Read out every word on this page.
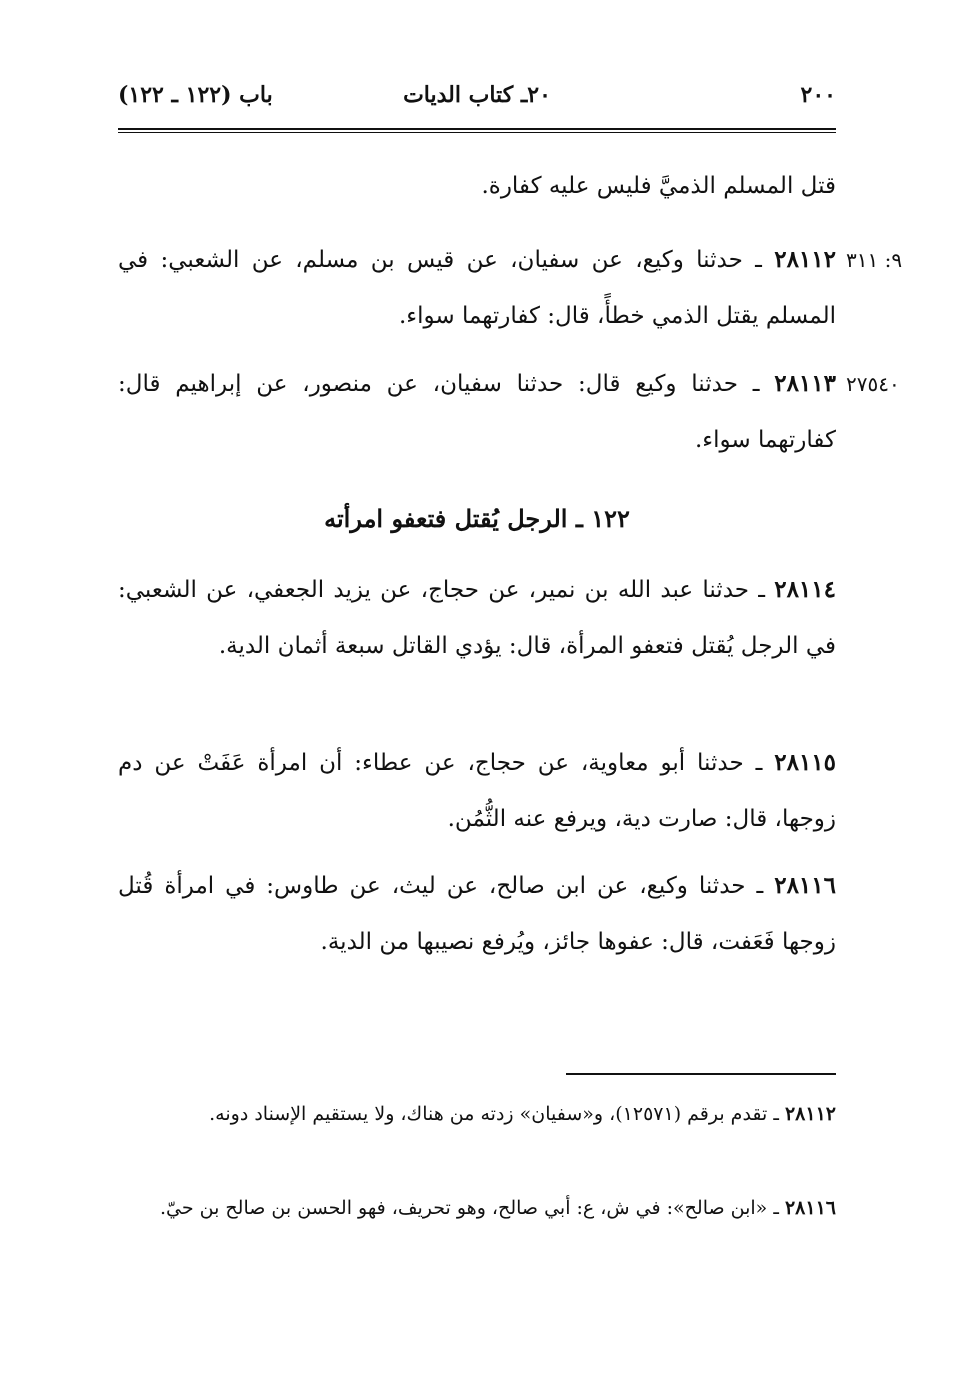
٢٠٠
٢٠ـ كتاب الديات
باب (١٢٢ ـ ١٢٢)
قتل المسلم الذميَّ فليس عليه كفارة.
٩: ٣١١
٢٨١١٢ ـ حدثنا وكيع، عن سفيان، عن قيس بن مسلم، عن الشعبي: في المسلم يقتل الذمي خطأً، قال: كفارتهما سواء.
٢٧٥٤٠
٢٨١١٣ ـ حدثنا وكيع قال: حدثنا سفيان، عن منصور، عن إبراهيم قال: كفارتهما سواء.
١٢٢ ـ الرجل يُقتل فتعفو امرأته
٢٨١١٤ ـ حدثنا عبد الله بن نمير، عن حجاج، عن يزيد الجعفي، عن الشعبي: في الرجل يُقتل فتعفو المرأة، قال: يؤدي القاتل سبعة أثمان الدية.
٢٨١١٥ ـ حدثنا أبو معاوية، عن حجاج، عن عطاء: أن امرأة عَفَتْ عن دم زوجها، قال: صارت دية، ويرفع عنه الثُّمُن.
٢٨١١٦ ـ حدثنا وكيع، عن ابن صالح، عن ليث، عن طاوس: في امرأة قُتل زوجها فَعَفت، قال: عفوها جائز، ويُرفع نصيبها من الدية.
٢٨١١٢ ـ تقدم برقم (١٢٥٧١)، و«سفيان» زدته من هناك، ولا يستقيم الإسناد دونه.
٢٨١١٦ ـ «ابن صالح»: في ش، ع: أبي صالح، وهو تحريف، فهو الحسن بن صالح بن حيّ.
